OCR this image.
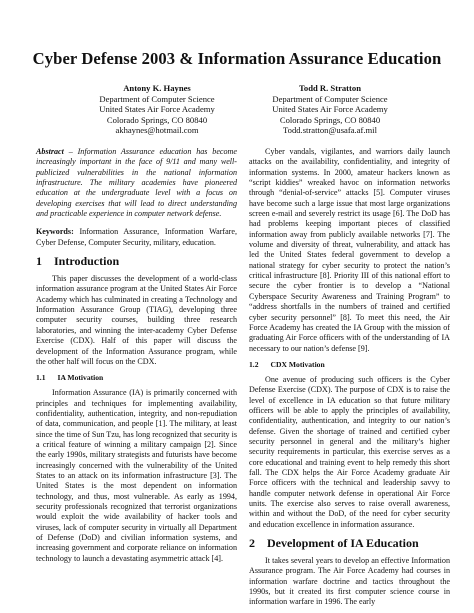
Cyber Defense 2003 & Information Assurance Education
Antony K. Haynes
Department of Computer Science
United States Air Force Academy
Colorado Springs, CO 80840
akhaynes@hotmail.com
Todd R. Stratton
Department of Computer Science
United States Air Force Academy
Colorado Springs, CO 80840
Todd.stratton@usafa.af.mil

Abstract – Information Assurance education has become increasingly important in the face of 9/11 and many well-publicized vulnerabilities in the national information infrastructure. The military academies have pioneered education at the undergraduate level with a focus on developing exercises that will lead to direct understanding and practicable experience in computer network defense.

Keywords: Information Assurance, Information Warfare, Cyber Defense, Computer Security, military, education.

1 Introduction

This paper discusses the development of a world-class information assurance program at the United States Air Force Academy which has culminated in creating a Technology and Information Assurance Group (TIAG), developing three computer security courses, building three research laboratories, and winning the inter-academy Cyber Defense Exercise (CDX). Half of this paper will discuss the development of the Information Assurance program, while the other half will focus on the CDX.

1.1 IA Motivation

Information Assurance (IA) is primarily concerned with principles and techniques for implementing availability, confidentiality, authentication, integrity, and non-repudiation of data, communication, and people [1]. The military, at least since the time of Sun Tzu, has long recognized that security is a critical feature of winning a military campaign [2]. Since the early 1990s, military strategists and futurists have become increasingly concerned with the vulnerability of the United States to an attack on its information infrastructure [3]. The United States is the most dependent on information technology, and thus, most vulnerable. As early as 1994, security professionals recognized that terrorist organizations would exploit the wide availability of hacker tools and viruses, lack of computer security in virtually all Department of Defense (DoD) and civilian information systems, and increasing government and corporate reliance on information technology to launch a devastating asymmetric attack [4].

Cyber vandals, vigilantes, and warriors daily launch attacks on the availability, confidentiality, and integrity of information systems. In 2000, amateur hackers known as “script kiddies” wreaked havoc on information networks through “denial-of-service” attacks [5]. Computer viruses have become such a large issue that most large organizations screen e-mail and severely restrict its usage [6]. The DoD has had problems keeping important pieces of classified information away from publicly available networks [7]. The volume and diversity of threat, vulnerability, and attack has led the United States federal government to develop a national strategy for cyber security to protect the nation’s critical infrastructure [8]. Priority III of this national effort to secure the cyber frontier is to develop a “National Cyberspace Security Awareness and Training Program” to “address shortfalls in the numbers of trained and certified cyber security personnel” [8]. To meet this need, the Air Force Academy has created the IA Group with the mission of graduating Air Force officers with of the understanding of IA necessary to our nation’s defense [9].

1.2 CDX Motivation

One avenue of producing such officers is the Cyber Defense Exercise (CDX). The purpose of CDX is to raise the level of excellence in IA education so that future military officers will be able to apply the principles of availability, confidentiality, authentication, and integrity to our nation’s defense. Given the shortage of trained and certified cyber security personnel in general and the military’s higher security requirements in particular, this exercise serves as a core educational and training event to help remedy this short fall. The CDX helps the Air Force Academy graduate Air Force officers with the technical and leadership savvy to handle computer network defense in operational Air Force units. The exercise also serves to raise overall awareness, within and without the DoD, of the need for cyber security and education excellence in information assurance.

2 Development of IA Education

It takes several years to develop an effective Information Assurance program. The Air Force Academy had courses in information warfare doctrine and tactics throughout the 1990s, but it created its first computer science course in information warfare in 1996. The early
